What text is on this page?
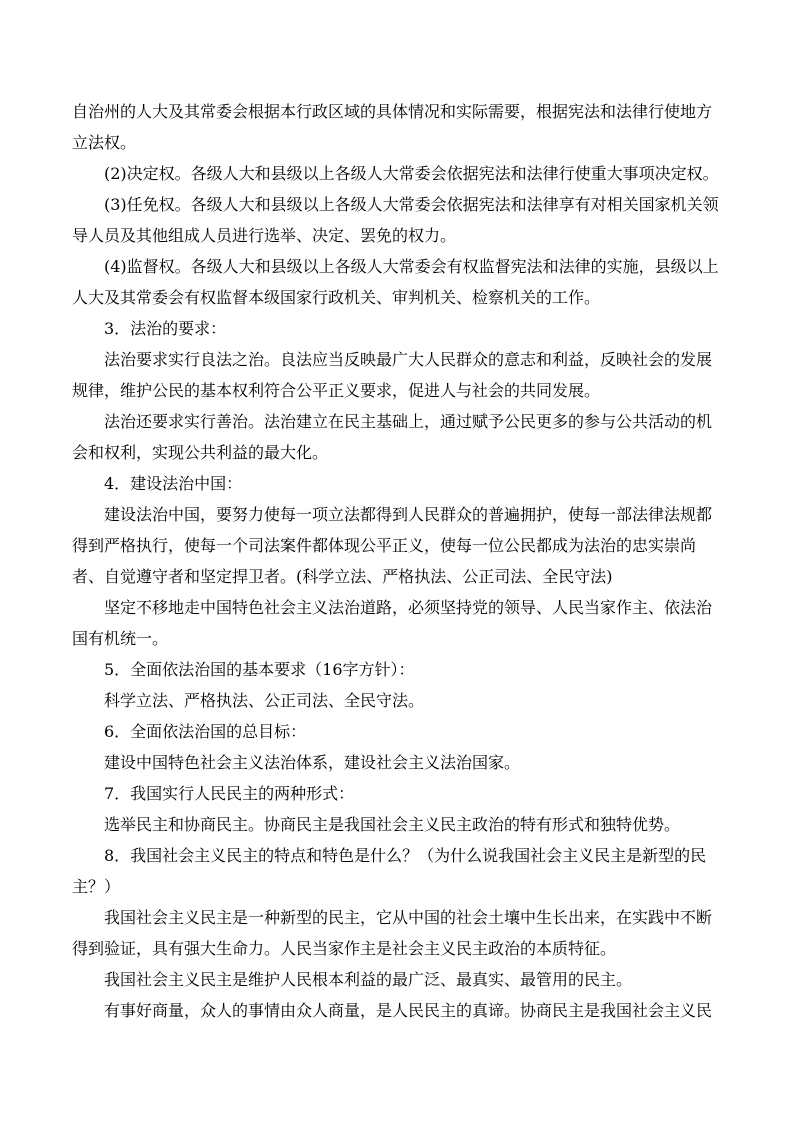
自治州的人大及其常委会根据本行政区域的具体情况和实际需要，根据宪法和法律行使地方
立法权。
(2)决定权。各级人大和县级以上各级人大常委会依据宪法和法律行使重大事项决定权。
(3)任免权。各级人大和县级以上各级人大常委会依据宪法和法律享有对相关国家机关领
导人员及其他组成人员进行选举、决定、罢免的权力。
(4)监督权。各级人大和县级以上各级人大常委会有权监督宪法和法律的实施，县级以上
人大及其常委会有权监督本级国家行政机关、审判机关、检察机关的工作。
3．法治的要求：
法治要求实行良法之治。良法应当反映最广大人民群众的意志和利益，反映社会的发展
规律，维护公民的基本权利符合公平正义要求，促进人与社会的共同发展。
法治还要求实行善治。法治建立在民主基础上，通过赋予公民更多的参与公共活动的机
会和权利，实现公共利益的最大化。
4．建设法治中国：
建设法治中国，要努力使每一项立法都得到人民群众的普遍拥护，使每一部法律法规都
得到严格执行，使每一个司法案件都体现公平正义，使每一位公民都成为法治的忠实崇尚
者、自觉遵守者和坚定捍卫者。(科学立法、严格执法、公正司法、全民守法)
坚定不移地走中国特色社会主义法治道路，必须坚持党的领导、人民当家作主、依法治
国有机统一。
5．全面依法治国的基本要求（16字方针）：
科学立法、严格执法、公正司法、全民守法。
6．全面依法治国的总目标：
建设中国特色社会主义法治体系，建设社会主义法治国家。
7．我国实行人民民主的两种形式：
选举民主和协商民主。协商民主是我国社会主义民主政治的特有形式和独特优势。
8．我国社会主义民主的特点和特色是什么？（为什么说我国社会主义民主是新型的民
主？）
我国社会主义民主是一种新型的民主，它从中国的社会土壤中生长出来，在实践中不断
得到验证，具有强大生命力。人民当家作主是社会主义民主政治的本质特征。
我国社会主义民主是维护人民根本利益的最广泛、最真实、最管用的民主。
有事好商量，众人的事情由众人商量，是人民民主的真谛。协商民主是我国社会主义民
